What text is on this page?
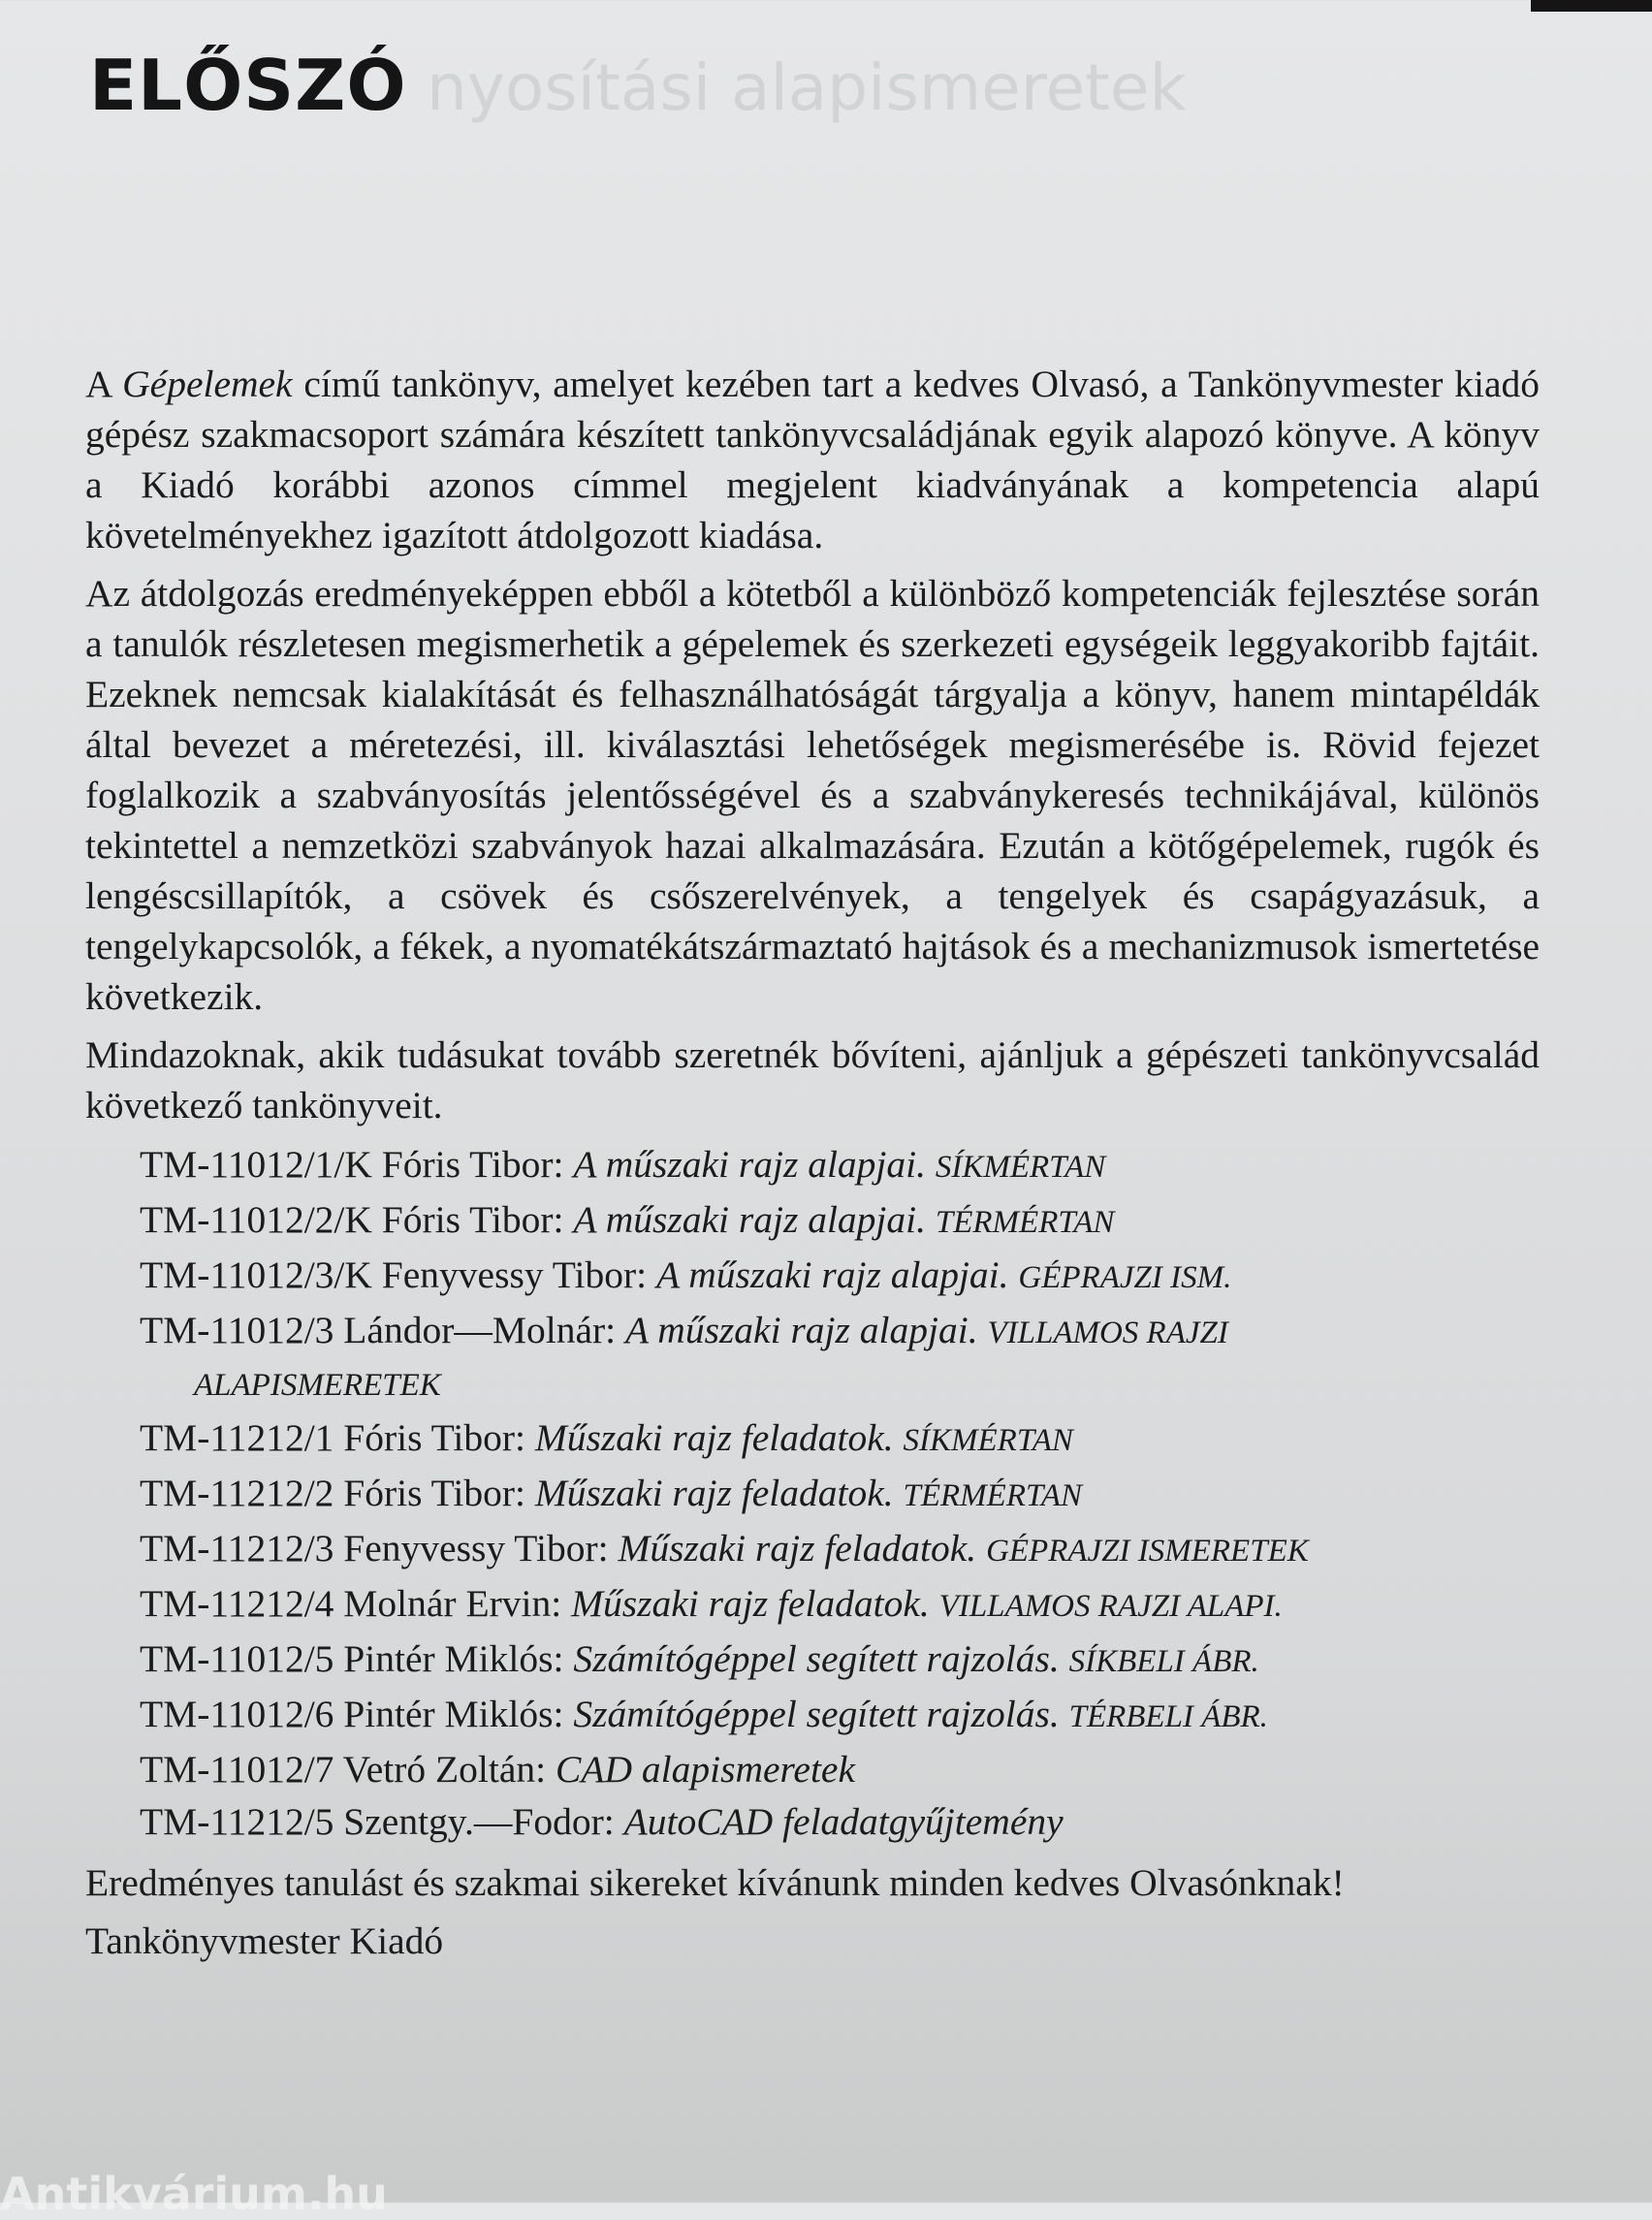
nyosítási alapismeretek
ELŐSZÓ

A Gépelemek című tankönyv, amelyet kezében tart a kedves Olvasó, a Tankönyvmester kiadó gépész szakmacsoport számára készített tankönyvcsaládjának egyik alapozó könyve. A könyv a Kiadó korábbi azonos címmel megjelent kiadványának a kompetencia alapú követelményekhez igazított átdolgozott kiadása.

Az átdolgozás eredményeképpen ebből a kötetből a különböző kompetenciák fejlesztése során a tanulók részletesen megismerhetik a gépelemek és szerkezeti egységeik leggyakoribb fajtáit. Ezeknek nemcsak kialakítását és felhasználhatóságát tárgyalja a könyv, hanem mintapéldák által bevezet a méretezési, ill. kiválasztási lehetőségek megismerésébe is. Rövid fejezet foglalkozik a szabványosítás jelentősségével és a szabványkeresés technikájával, különös tekintettel a nemzetközi szabványok hazai alkalmazására. Ezután a kötőgépelemek, rugók és lengéscsillapítók, a csövek és csőszerelvények, a tengelyek és csapágyazásuk, a tengelykapcsolók, a fékek, a nyomatékátszármaztató hajtások és a mechanizmusok ismertetése következik.

Mindazoknak, akik tudásukat tovább szeretnék bővíteni, ajánljuk a gépészeti tankönyvcsalád következő tankönyveit.

TM-11012/1/K Fóris Tibor: A műszaki rajz alapjai. SÍKMÉRTAN
TM-11012/2/K Fóris Tibor: A műszaki rajz alapjai. TÉRMÉRTAN
TM-11012/3/K Fenyvessy Tibor: A műszaki rajz alapjai. GÉPRAJZI ISM.
TM-11012/3 Lándor—Molnár: A műszaki rajz alapjai. VILLAMOS RAJZI
ALAPISMERETEK
TM-11212/1 Fóris Tibor: Műszaki rajz feladatok. SÍKMÉRTAN
TM-11212/2 Fóris Tibor: Műszaki rajz feladatok. TÉRMÉRTAN
TM-11212/3 Fenyvessy Tibor: Műszaki rajz feladatok. GÉPRAJZI ISMERETEK
TM-11212/4 Molnár Ervin: Műszaki rajz feladatok. VILLAMOS RAJZI ALAPI.
TM-11012/5 Pintér Miklós: Számítógéppel segített rajzolás. SÍKBELI ÁBR.
TM-11012/6 Pintér Miklós: Számítógéppel segített rajzolás. TÉRBELI ÁBR.
TM-11012/7 Vetró Zoltán: CAD alapismeretek
TM-11212/5 Szentgy.—Fodor: AutoCAD feladatgyűjtemény

Eredményes tanulást és szakmai sikereket kívánunk minden kedves Olvasónknak!

Tankönyvmester Kiadó

Antikvárium.hu
